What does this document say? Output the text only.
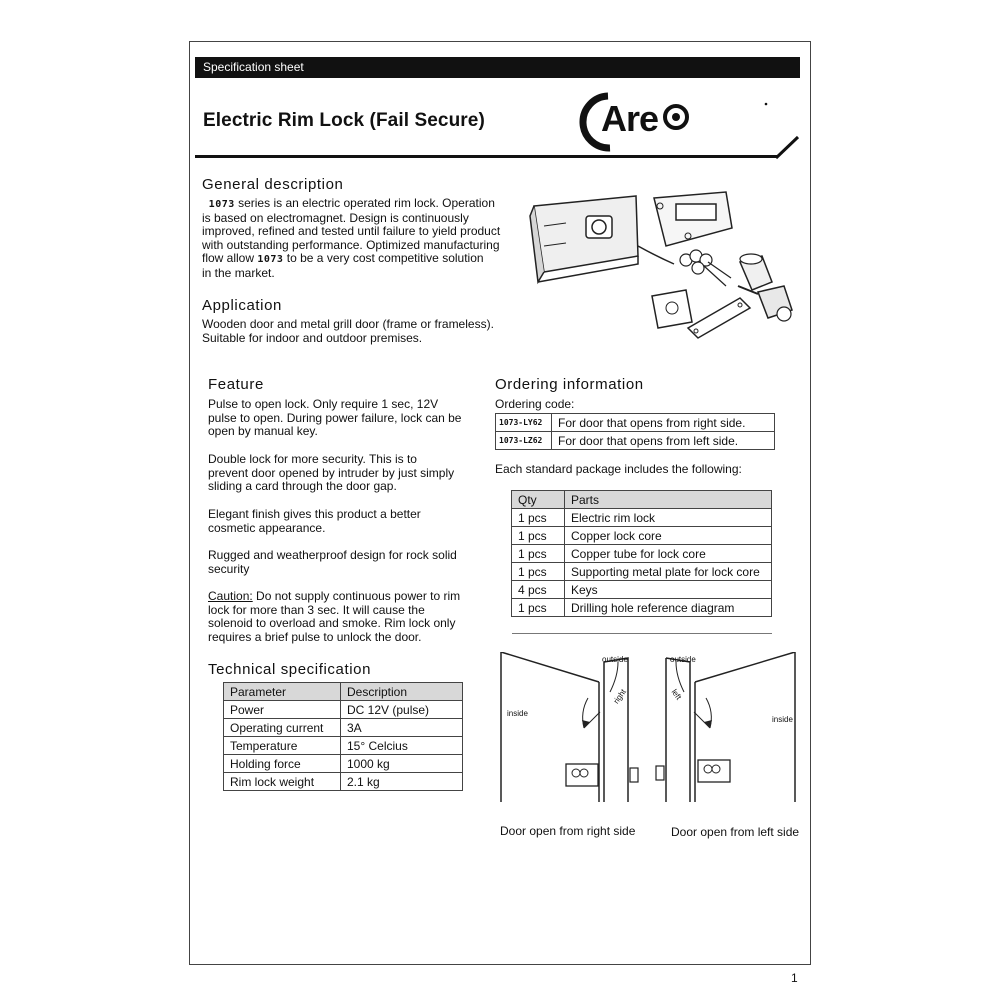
Specification sheet
Electric Rim Lock (Fail Secure)	Are
General description
1073 series is an electric operated rim lock. Operation
is based on electromagnet. Design is continuously
improved, refined and tested until failure to yield product
with outstanding performance. Optimized manufacturing
flow allow 1073 to be a very cost competitive solution
in the market.
Application
Wooden door and metal grill door (frame or frameless).
Suitable for indoor and outdoor premises.
Feature
Pulse to open lock. Only require 1 sec, 12V
pulse to open. During power failure, lock can be
open by manual key.
Double lock for more security. This is to
prevent door opened by intruder by just simply
sliding a card through the door gap.
Elegant finish gives this product a better
cosmetic appearance.
Rugged and weatherproof design for rock solid
security
Caution: Do not supply continuous power to rim
lock for more than 3 sec. It will cause the
solenoid to overload and smoke. Rim lock only
requires a brief pulse to unlock the door.
Technical specification
Parameter	Description
Power	DC 12V (pulse)
Operating current	3A
Temperature	15° Celcius
Holding force	1000 kg
Rim lock weight	2.1 kg
Ordering information
Ordering code:
1073-LY62	For door that opens from right side.
1073-LZ62	For door that opens from left side.
Each standard package includes the following:
Qty	Parts
1 pcs	Electric rim lock
1 pcs	Copper lock core
1 pcs	Copper tube for lock core
1 pcs	Supporting metal plate for lock core
4 pcs	Keys
1 pcs	Drilling hole reference diagram
outside
inside
right
Door open from right side
outside
inside
left
Door open from left side
1
